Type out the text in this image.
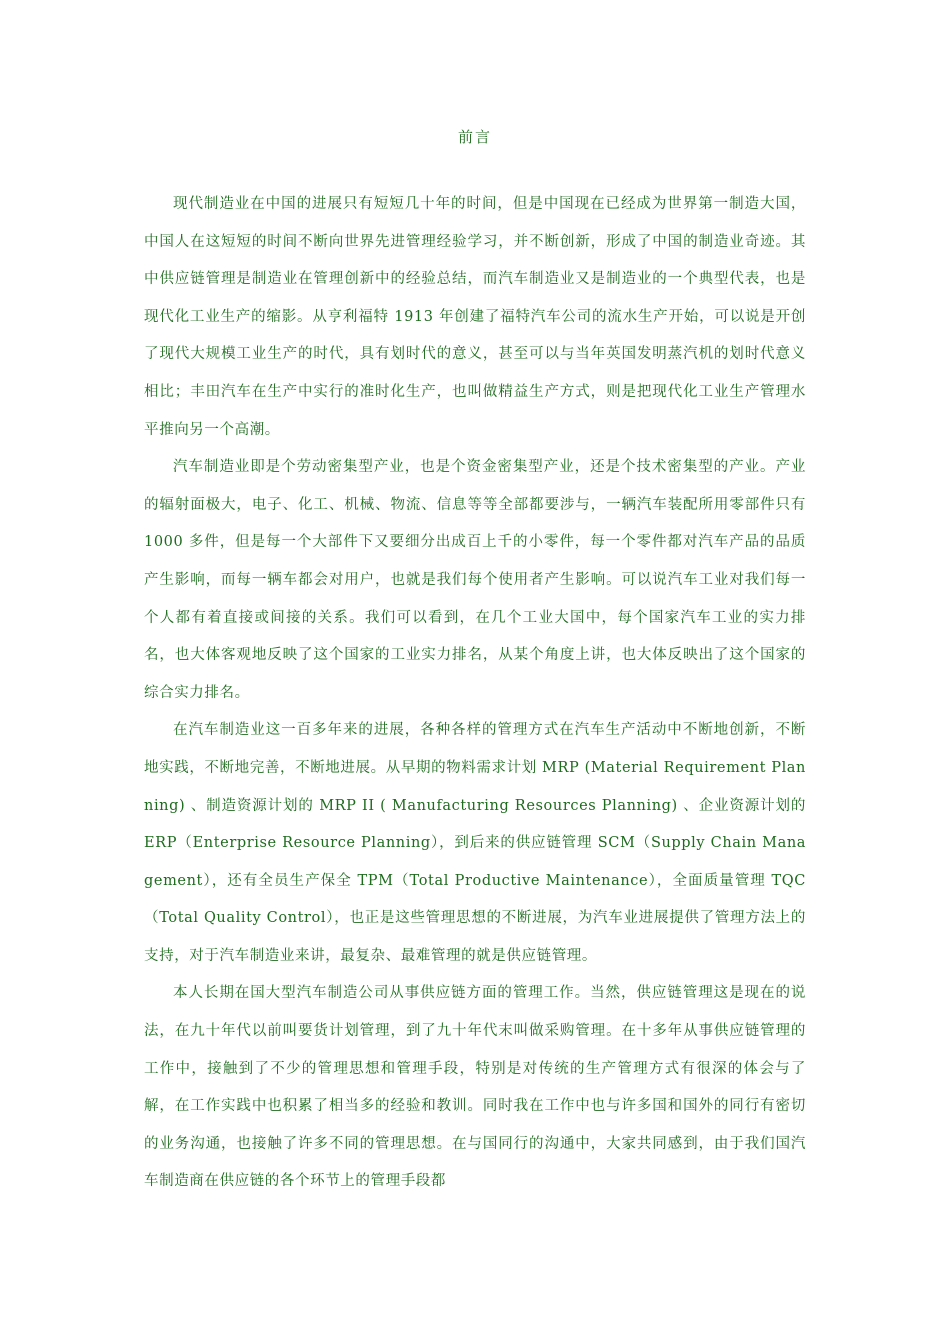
前言

现代制造业在中国的进展只有短短几十年的时间，但是中国现在已经成为世界第一制造大国，中国人在这短短的时间不断向世界先进管理经验学习，并不断创新，形成了中国的制造业奇迹。其中供应链管理是制造业在管理创新中的经验总结，而汽车制造业又是制造业的一个典型代表，也是现代化工业生产的缩影。从亨利福特 1913 年创建了福特汽车公司的流水生产开始，可以说是开创了现代大规模工业生产的时代，具有划时代的意义，甚至可以与当年英国发明蒸汽机的划时代意义相比；丰田汽车在生产中实行的准时化生产，也叫做精益生产方式，则是把现代化工业生产管理水平推向另一个高潮。

汽车制造业即是个劳动密集型产业，也是个资金密集型产业，还是个技术密集型的产业。产业的辐射面极大，电子、化工、机械、物流、信息等等全部都要涉与，一辆汽车装配所用零部件只有 1000 多件，但是每一个大部件下又要细分出成百上千的小零件，每一个零件都对汽车产品的品质产生影响，而每一辆车都会对用户，也就是我们每个使用者产生影响。可以说汽车工业对我们每一个人都有着直接或间接的关系。我们可以看到，在几个工业大国中，每个国家汽车工业的实力排名，也大体客观地反映了这个国家的工业实力排名，从某个角度上讲，也大体反映出了这个国家的综合实力排名。

在汽车制造业这一百多年来的进展，各种各样的管理方式在汽车生产活动中不断地创新，不断地实践，不断地完善，不断地进展。从早期的物料需求计划 MRP (Material Requirement Planning) 、制造资源计划的 MRP II ( Manufacturing Resources Planning) 、企业资源计划的 ERP（Enterprise Resource Planning），到后来的供应链管理 SCM（Supply Chain Management），还有全员生产保全 TPM（Total Productive Maintenance），全面质量管理 TQC（Total Quality Control），也正是这些管理思想的不断进展，为汽车业进展提供了管理方法上的支持，对于汽车制造业来讲，最复杂、最难管理的就是供应链管理。

本人长期在国大型汽车制造公司从事供应链方面的管理工作。当然，供应链管理这是现在的说法，在九十年代以前叫要货计划管理，到了九十年代末叫做采购管理。在十多年从事供应链管理的工作中，接触到了不少的管理思想和管理手段，特别是对传统的生产管理方式有很深的体会与了解，在工作实践中也积累了相当多的经验和教训。同时我在工作中也与许多国和国外的同行有密切的业务沟通，也接触了许多不同的管理思想。在与国同行的沟通中，大家共同感到，由于我们国汽车制造商在供应链的各个环节上的管理手段都
